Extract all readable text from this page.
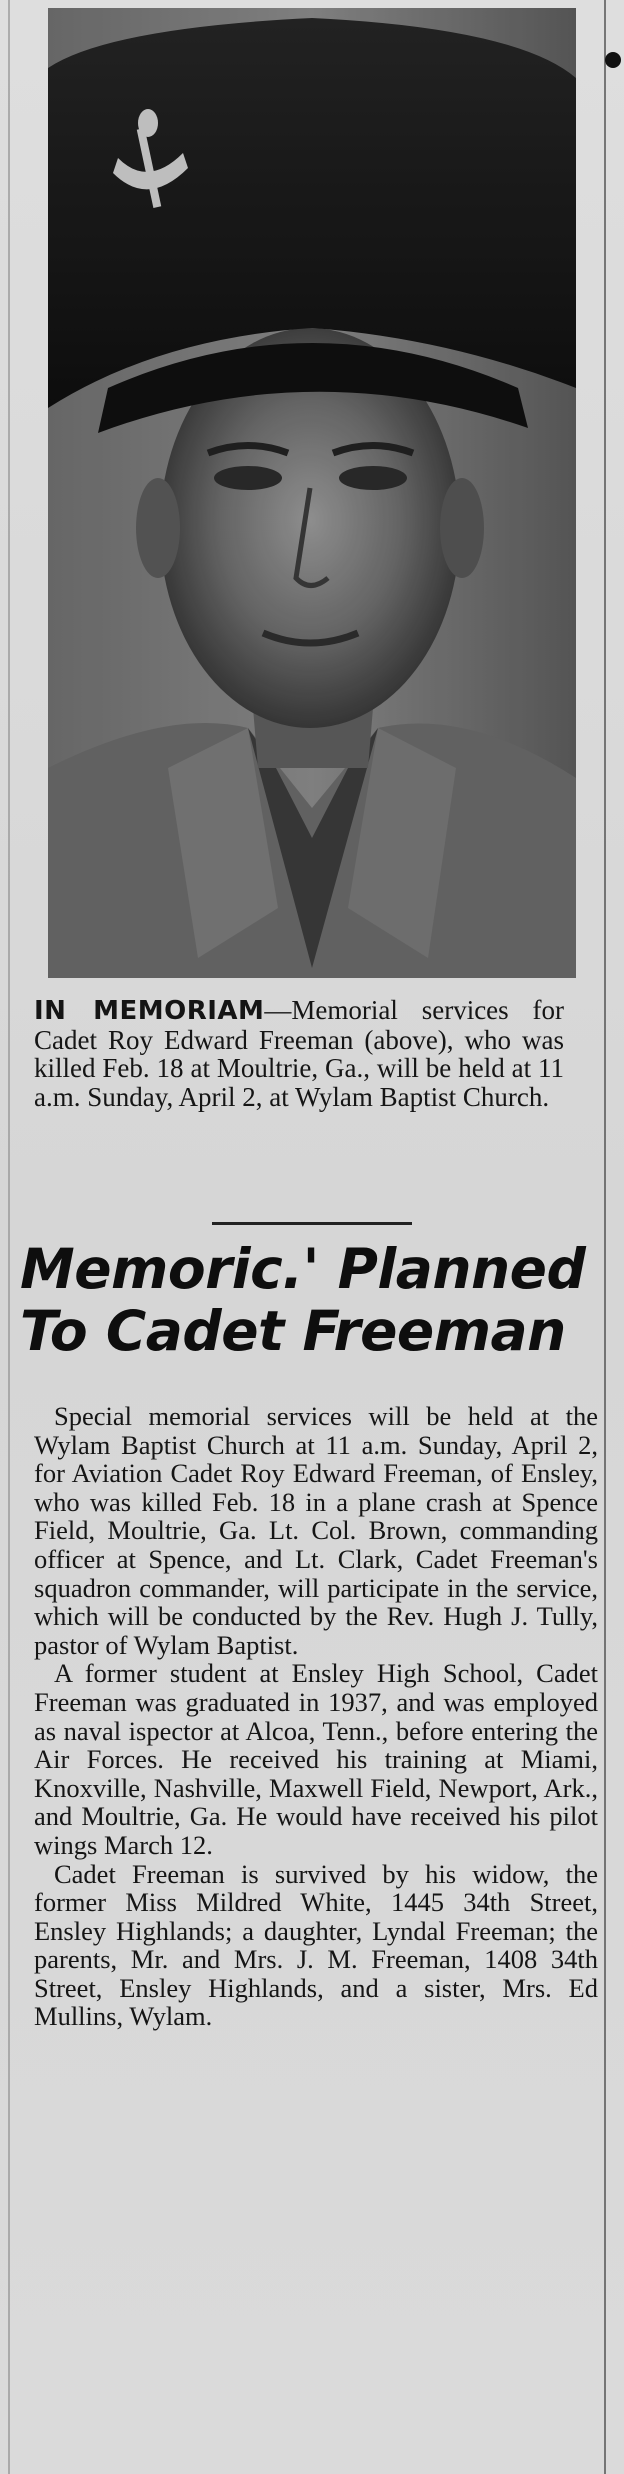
IN MEMORIAM—Memorial services for Cadet Roy Edward Freeman (above), who was killed Feb. 18 at Moultrie, Ga., will be held at 11 a.m. Sunday, April 2, at Wylam Baptist Church.
Memoric.' Planned
To Cadet Freeman

Special memorial services will be held at the Wylam Baptist Church at 11 a.m. Sunday, April 2, for Aviation Cadet Roy Edward Freeman, of Ensley, who was killed Feb. 18 in a plane crash at Spence Field, Moultrie, Ga. Lt. Col. Brown, commanding officer at Spence, and Lt. Clark, Cadet Freeman's squadron commander, will participate in the service, which will be conducted by the Rev. Hugh J. Tully, pastor of Wylam Baptist.

A former student at Ensley High School, Cadet Freeman was graduated in 1937, and was employed as naval ispector at Alcoa, Tenn., before entering the Air Forces. He received his training at Miami, Knoxville, Nashville, Maxwell Field, Newport, Ark., and Moultrie, Ga. He would have received his pilot wings March 12.

Cadet Freeman is survived by his widow, the former Miss Mildred White, 1445 34th Street, Ensley Highlands; a daughter, Lyndal Freeman; the parents, Mr. and Mrs. J. M. Freeman, 1408 34th Street, Ensley Highlands, and a sister, Mrs. Ed Mullins, Wylam.
